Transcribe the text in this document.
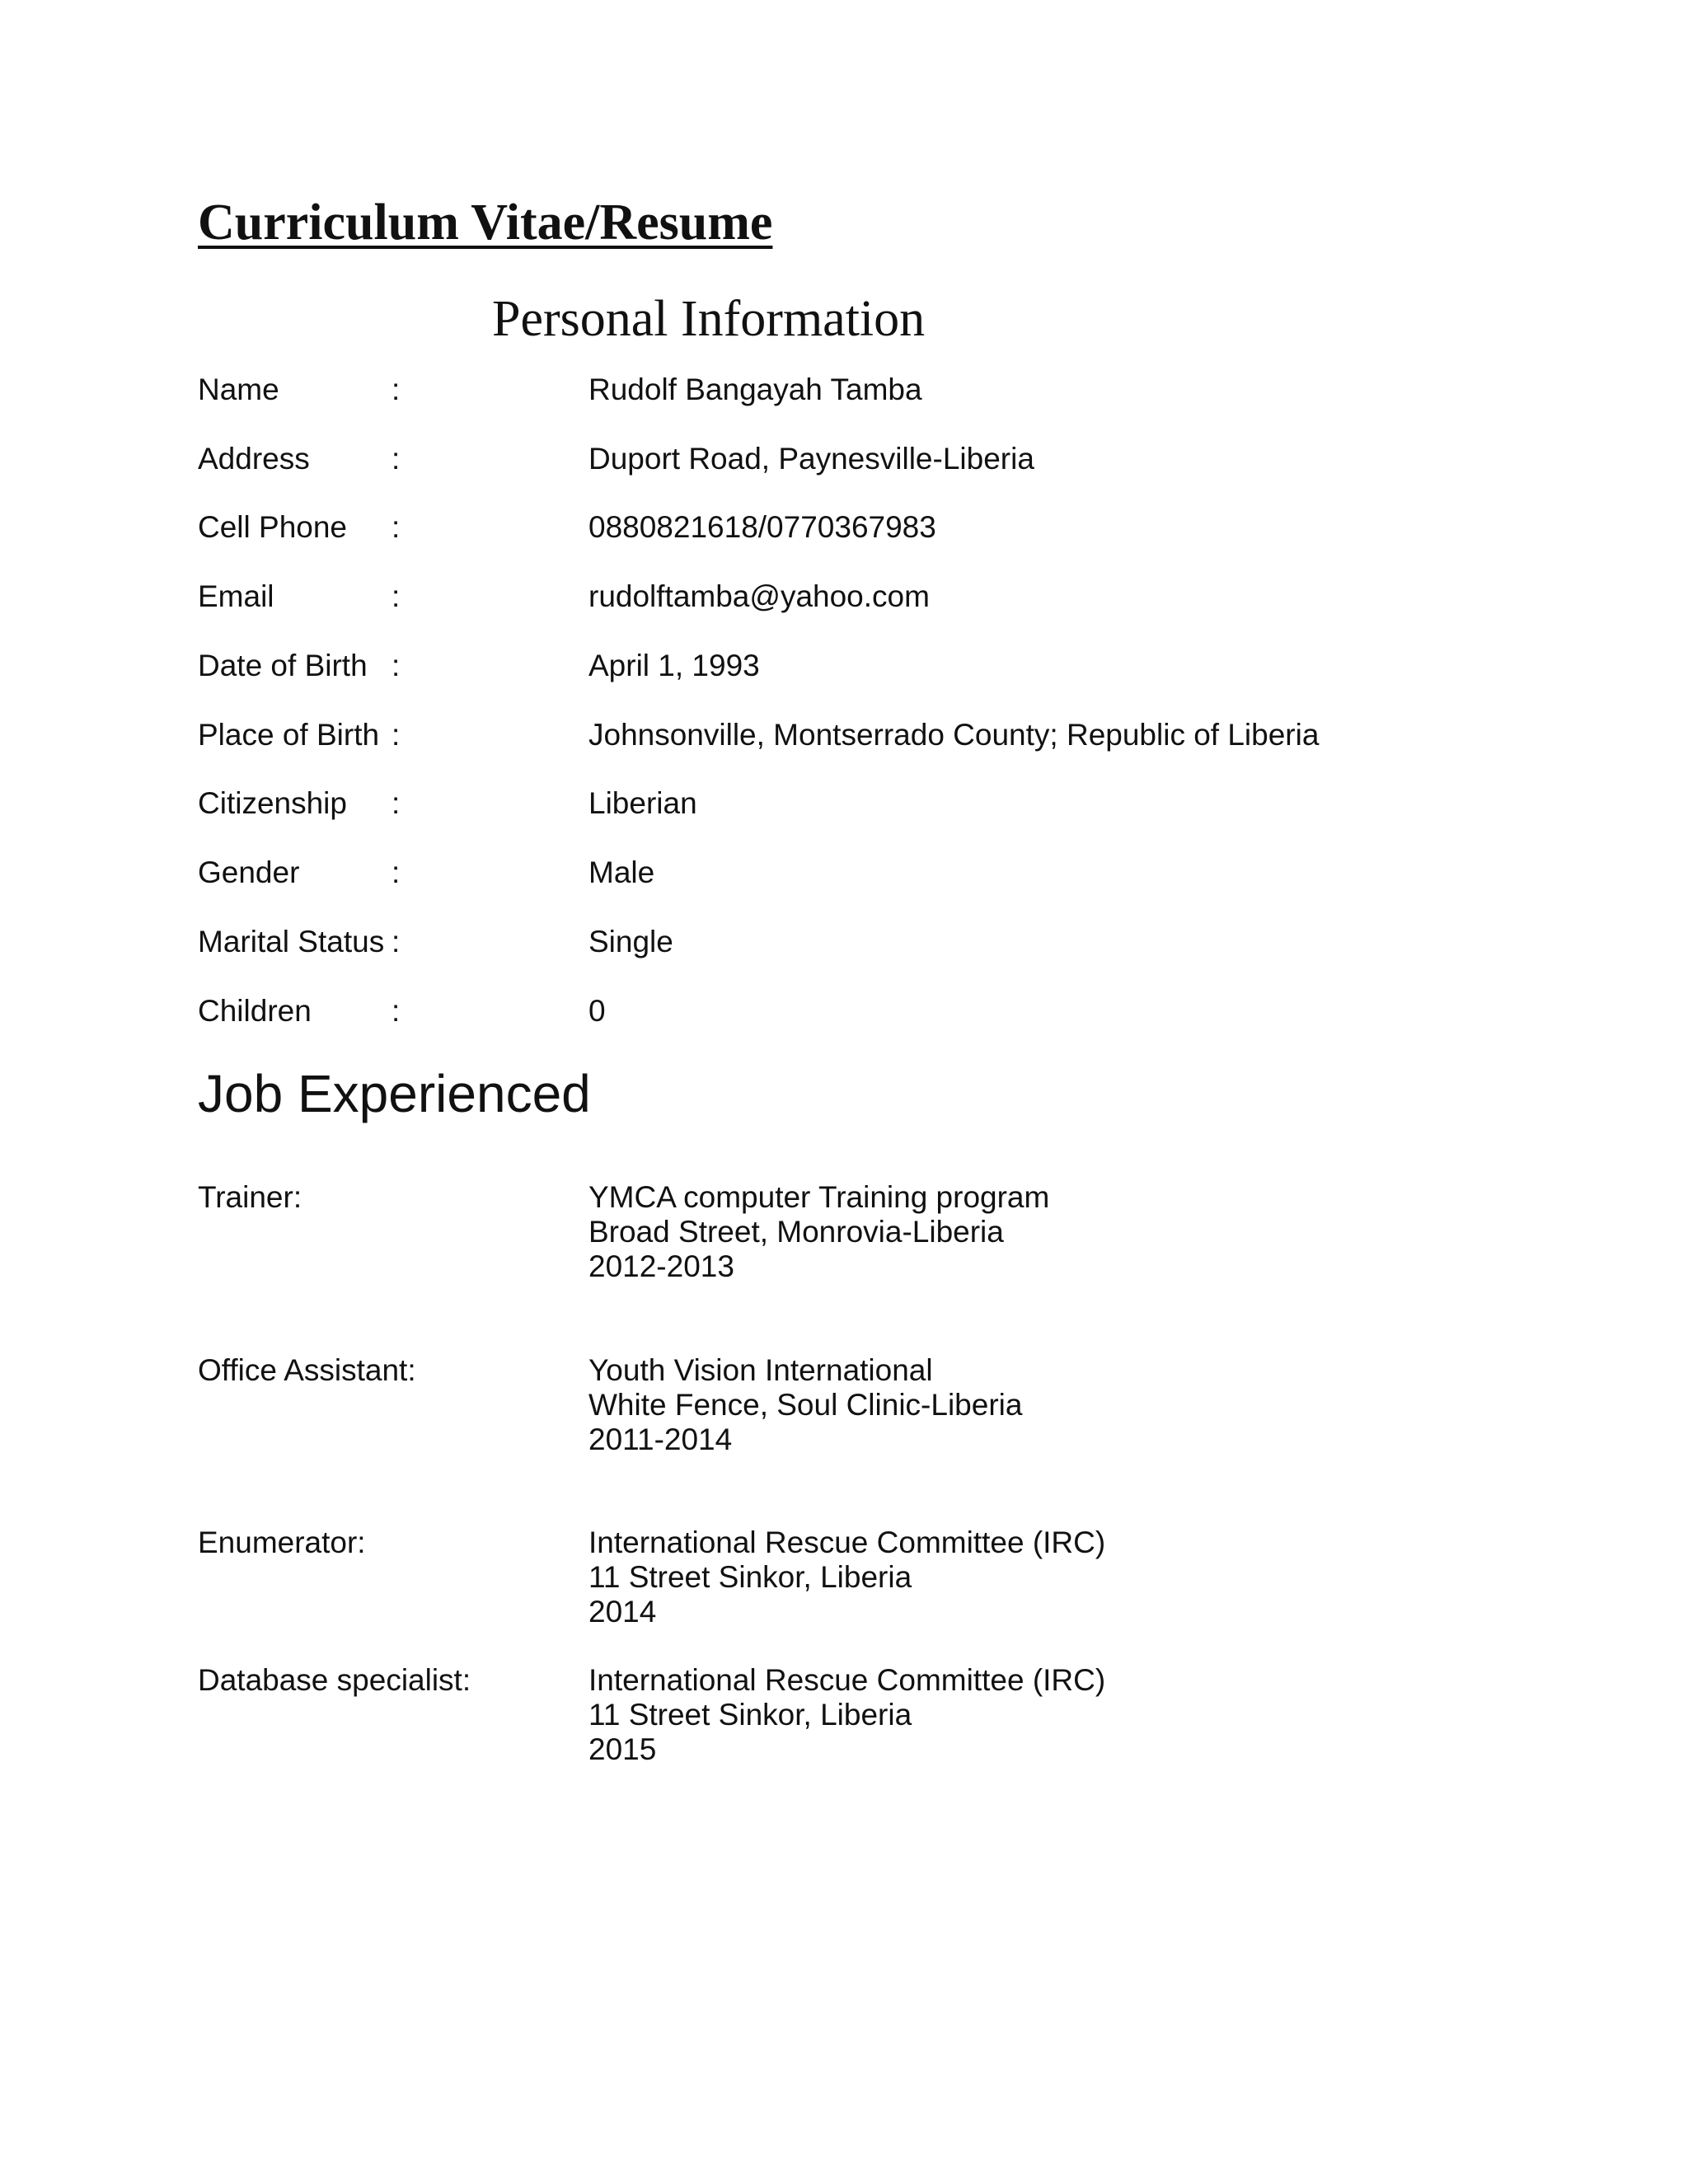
Curriculum Vitae/Resume
Personal Information
Name	:	Rudolf Bangayah Tamba
Address	:	Duport Road, Paynesville-Liberia
Cell Phone :	0880821618/0770367983
Email	:	rudolftamba@yahoo.com
Date of Birth :	April 1, 1993
Place of Birth :	Johnsonville, Montserrado County; Republic of Liberia
Citizenship :	Liberian
Gender	:	Male
Marital Status :	Single
Children	:	0
Job Experienced
Trainer:	YMCA computer Training program
Broad Street, Monrovia-Liberia
2012-2013
Office Assistant:	Youth Vision International
White Fence, Soul Clinic-Liberia
2011-2014
Enumerator:	International Rescue Committee (IRC)
11 Street Sinkor, Liberia
2014
Database specialist:	International Rescue Committee (IRC)
11 Street Sinkor, Liberia
2015
